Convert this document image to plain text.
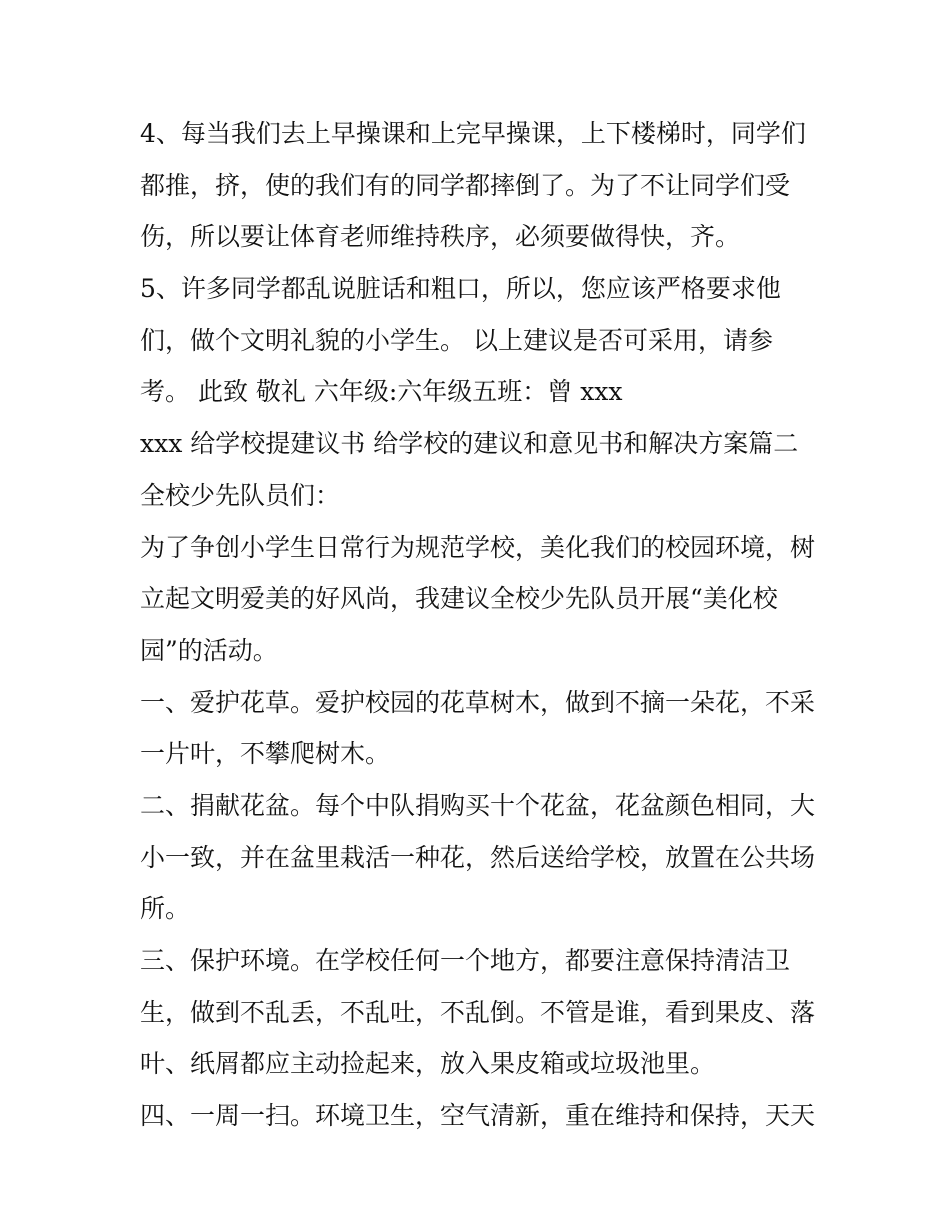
4、每当我们去上早操课和上完早操课，上下楼梯时，同学们
都推，挤，使的我们有的同学都摔倒了。为了不让同学们受
伤，所以要让体育老师维持秩序，必须要做得快，齐。
5、许多同学都乱说脏话和粗口，所以，您应该严格要求他
们，做个文明礼貌的小学生。 以上建议是否可采用，请参
考。 此致 敬礼 六年级:六年级五班：曾 xxx
xxx 给学校提建议书 给学校的建议和意见书和解决方案篇二
全校少先队员们：
为了争创小学生日常行为规范学校，美化我们的校园环境，树
立起文明爱美的好风尚，我建议全校少先队员开展“美化校
园”的活动。
一、爱护花草。爱护校园的花草树木，做到不摘一朵花，不采
一片叶，不攀爬树木。
二、捐献花盆。每个中队捐购买十个花盆，花盆颜色相同，大
小一致，并在盆里栽活一种花，然后送给学校，放置在公共场
所。
三、保护环境。在学校任何一个地方，都要注意保持清洁卫
生，做到不乱丢，不乱吐，不乱倒。不管是谁，看到果皮、落
叶、纸屑都应主动捡起来，放入果皮箱或垃圾池里。
四、一周一扫。环境卫生，空气清新，重在维持和保持，天天
